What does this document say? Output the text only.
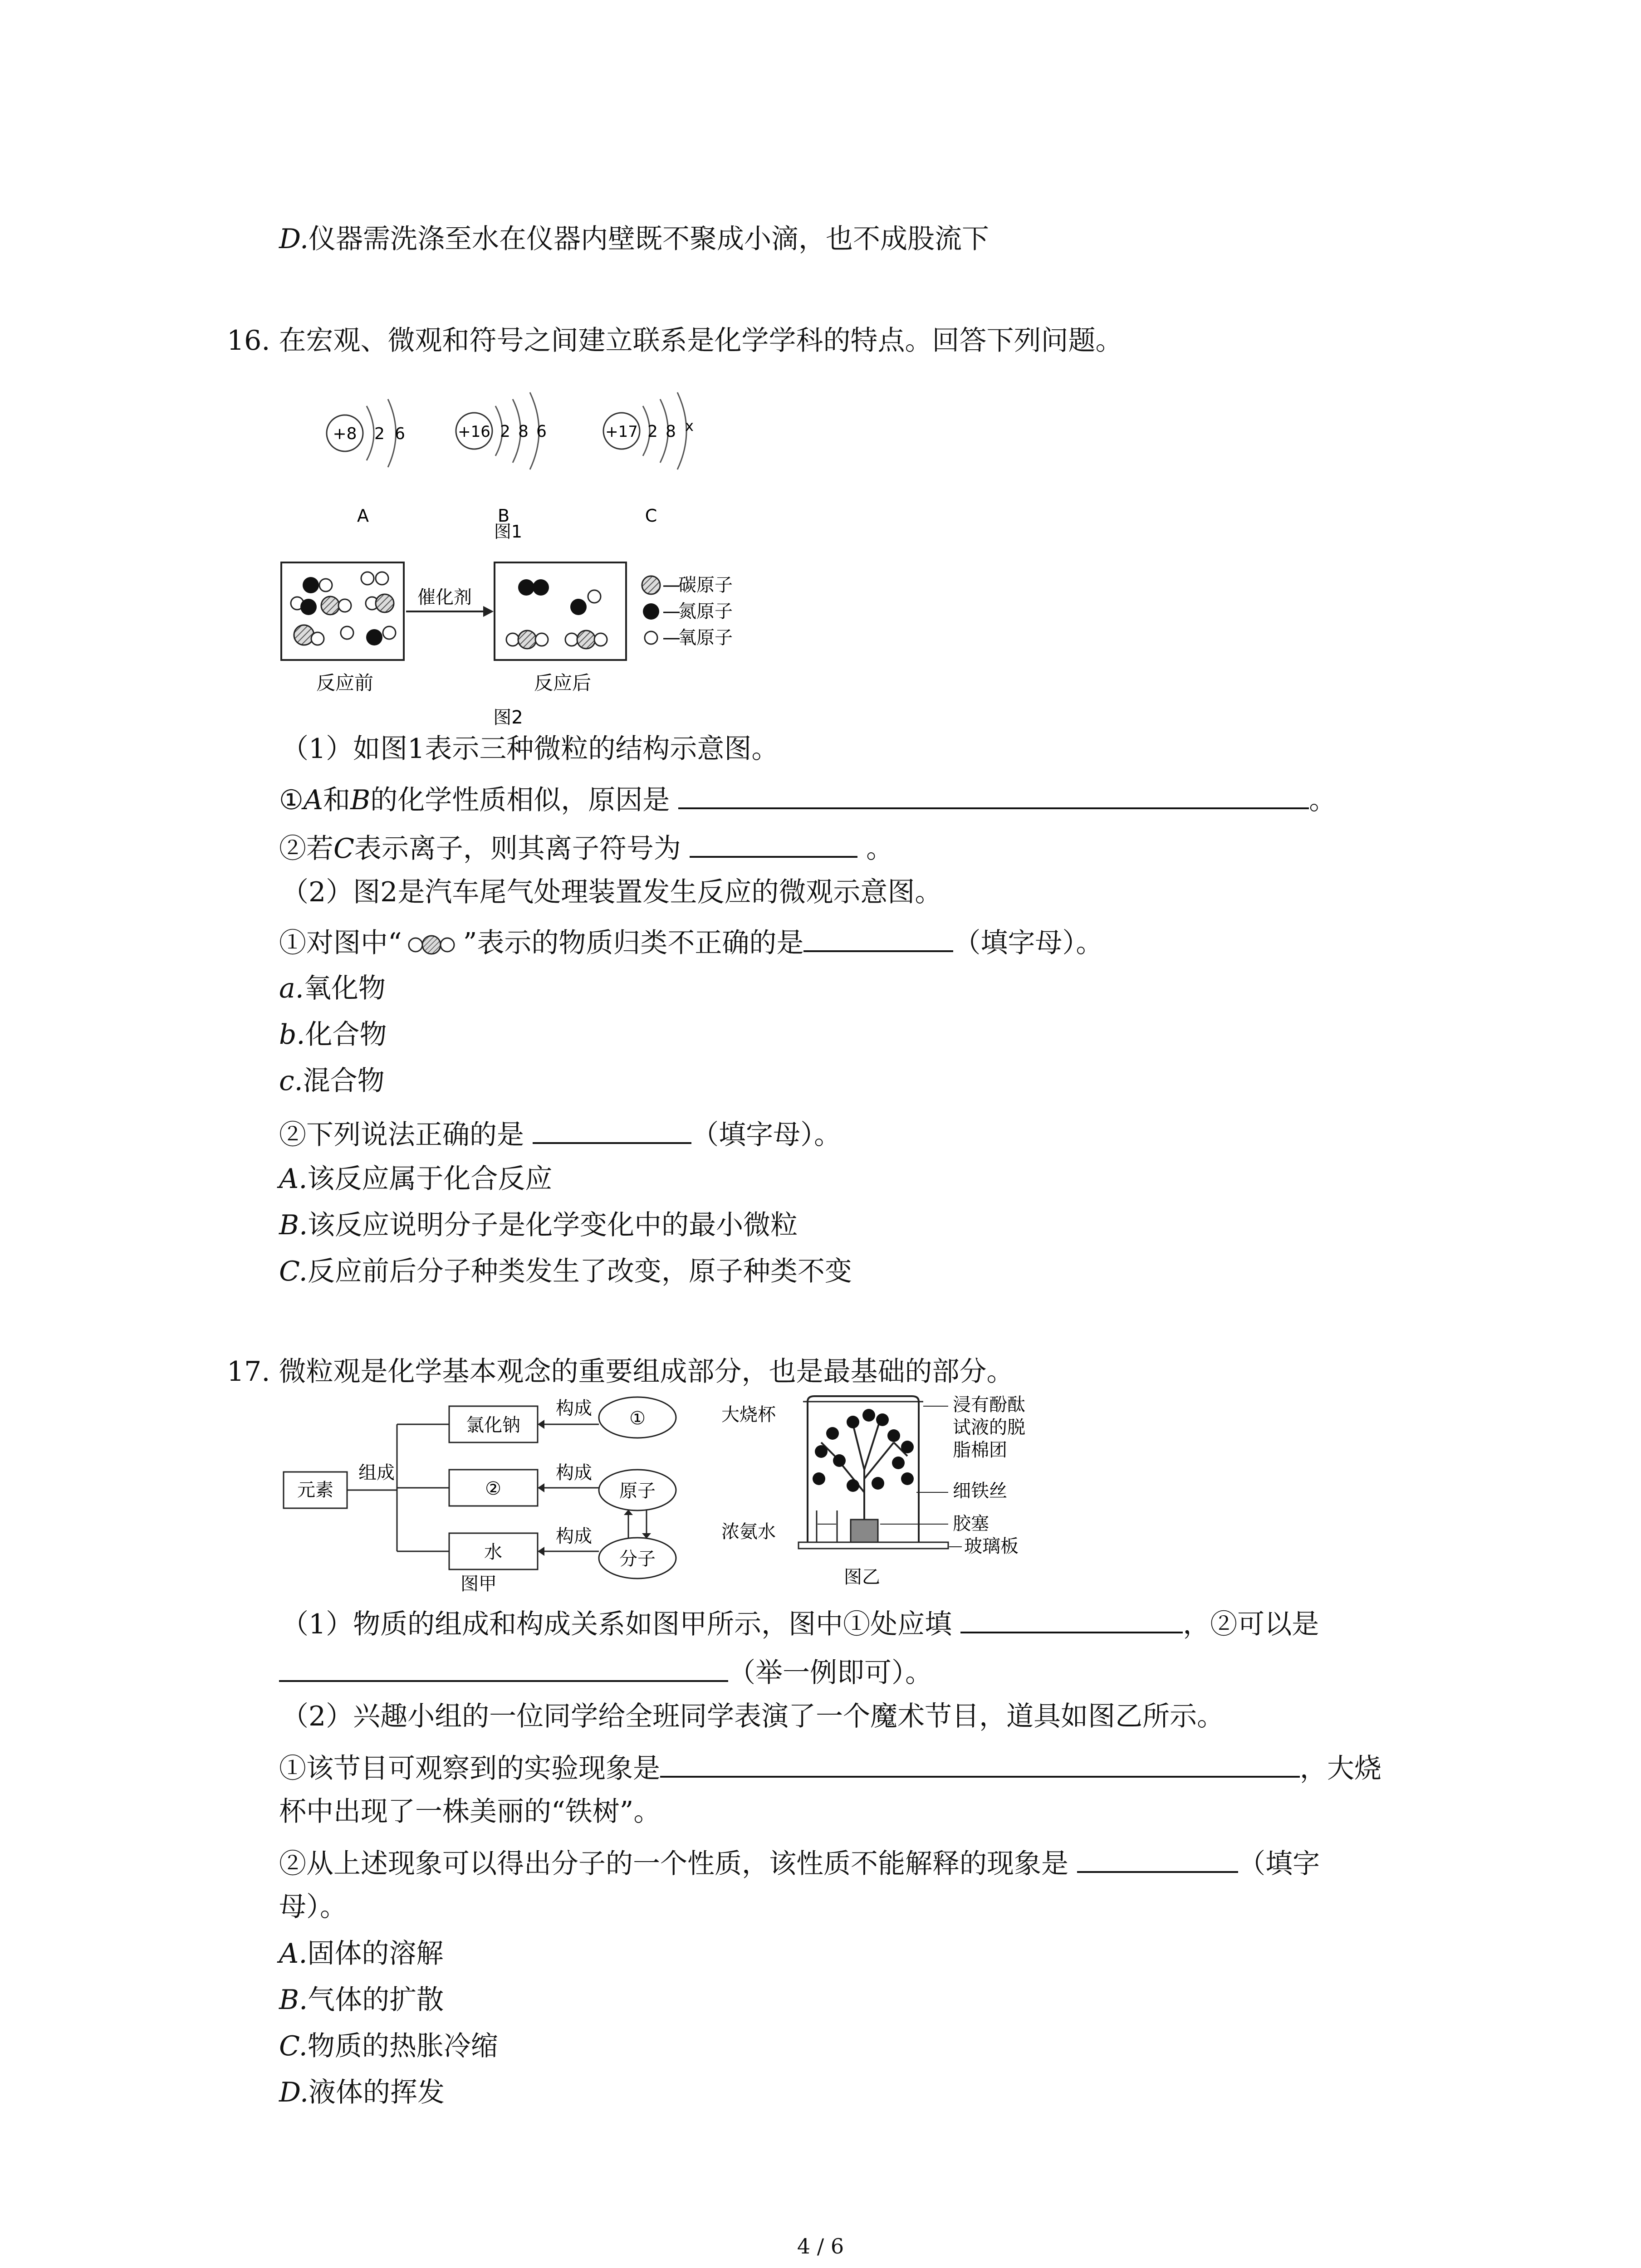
D.仪器需洗涤至水在仪器内壁既不聚成小滴，也不成股流下
16. 在宏观、微观和符号之间建立联系是化学学科的特点。回答下列问题。
+8 2 6
A
+16 2 8 6
B
+17 2 8 x
C
图1
催化剂
—
碳原子
—
氮原子
—
氧原子
反应前	反应后
图2
（1）如图1表示三种微粒的结构示意图。
①A和B的化学性质相似，原因是	。
②若C表示离子，则其离子符号为	。
（2）图2是汽车尾气处理装置发生反应的微观示意图。
①对图中“ ”表示的物质归类不正确的是	（填字母）。
a.氧化物
b.化合物
c.混合物
②下列说法正确的是	（填字母）。
A.该反应属于化合反应
B.该反应说明分子是化学变化中的最小微粒
C.反应前后分子种类发生了改变，原子种类不变
17. 微粒观是化学基本观念的重要组成部分，也是最基础的部分。
元素
组成
氯化钠
②
水
①
原子
分子
构成
构成
构成
图甲
大烧杯	浸有酚酞
试液的脱
脂棉团
细铁丝
胶塞
浓氨水
玻璃板
图乙
（1）物质的组成和构成关系如图甲所示，图中①处应填	，②可以是
（举一例即可）。
（2）兴趣小组的一位同学给全班同学表演了一个魔术节目，道具如图乙所示。
①该节目可观察到的实验现象是	，大烧
杯中出现了一株美丽的“铁树”。
②从上述现象可以得出分子的一个性质，该性质不能解释的现象是	（填字
母）。
A.固体的溶解
B.气体的扩散
C.物质的热胀冷缩
D.液体的挥发
4 / 6
